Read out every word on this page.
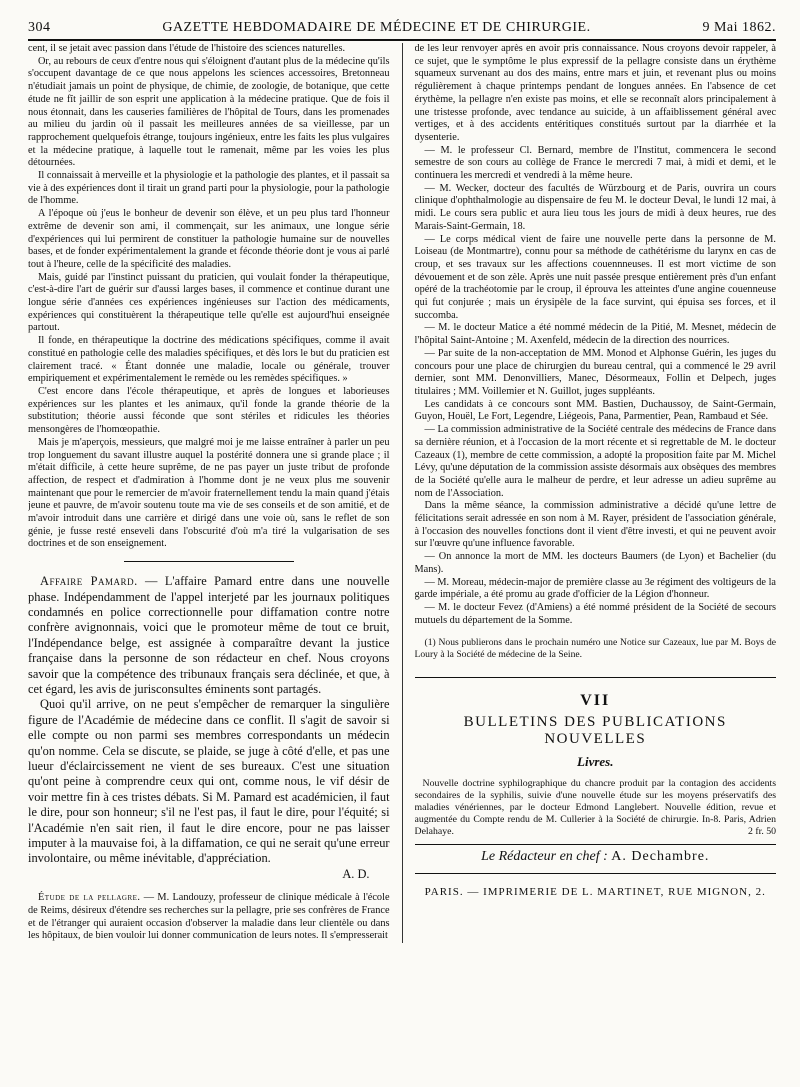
304	GAZETTE HEBDOMADAIRE DE MÉDECINE ET DE CHIRURGIE.	9 Mai 1862.

cent, il se jetait avec passion dans l'étude de l'histoire des sciences naturelles.

Or, au rebours de ceux d'entre nous qui s'éloignent d'autant plus de la médecine qu'ils s'occupent davantage de ce que nous appelons les sciences accessoires, Bretonneau n'étudiait jamais un point de physique, de chimie, de zoologie, de botanique, que cette étude ne fît jaillir de son esprit une application à la médecine pratique. Que de fois il nous étonnait, dans les causeries familières de l'hôpital de Tours, dans les promenades au milieu du jardin où il passait les meilleures années de sa vieillesse, par un rapprochement quelquefois étrange, toujours ingénieux, entre les faits les plus vulgaires et la médecine pratique, à laquelle tout le ramenait, même par les voies les plus détournées.

Il connaissait à merveille et la physiologie et la pathologie des plantes, et il passait sa vie à des expériences dont il tirait un grand parti pour la physiologie, pour la pathologie de l'homme.

A l'époque où j'eus le bonheur de devenir son élève, et un peu plus tard l'honneur extrême de devenir son ami, il commençait, sur les animaux, une longue série d'expériences qui lui permirent de constituer la pathologie humaine sur de nouvelles bases, et de fonder expérimentalement la grande et féconde théorie dont je vous ai parlé tout à l'heure, celle de la spécificité des maladies.

Mais, guidé par l'instinct puissant du praticien, qui voulait fonder la thérapeutique, c'est-à-dire l'art de guérir sur d'aussi larges bases, il commence et continue durant une longue série d'années ces expériences ingénieuses sur l'action des médicaments, expériences qui constituèrent la thérapeutique telle qu'elle est aujourd'hui enseignée partout.

Il fonde, en thérapeutique la doctrine des médications spécifiques, comme il avait constitué en pathologie celle des maladies spécifiques, et dès lors le but du praticien est clairement tracé. « Étant donnée une maladie, locale ou générale, trouver empiriquement et expérimentalement le remède ou les remèdes spécifiques. »

C'est encore dans l'école thérapeutique, et après de longues et laborieuses expériences sur les plantes et les animaux, qu'il fonde la grande théorie de la substitution; théorie aussi féconde que sont stériles et ridicules les théories mensongères de l'homœopathie.

Mais je m'aperçois, messieurs, que malgré moi je me laisse entraîner à parler un peu trop longuement du savant illustre auquel la postérité donnera une si grande place ; il m'était difficile, à cette heure suprême, de ne pas payer un juste tribut de profonde affection, de respect et d'admiration à l'homme dont je ne veux plus me souvenir maintenant que pour le remercier de m'avoir fraternellement tendu la main quand j'étais jeune et pauvre, de m'avoir soutenu toute ma vie de ses conseils et de son amitié, et de m'avoir introduit dans une carrière et dirigé dans une voie où, sans le reflet de son génie, je fusse resté enseveli dans l'obscurité d'où m'a tiré la vulgarisation de ses doctrines et de son enseignement.

Affaire Pamard. — L'affaire Pamard entre dans une nouvelle phase. Indépendamment de l'appel interjeté par les journaux politiques condamnés en police correctionnelle pour diffamation contre notre confrère avignonnais, voici que le promoteur même de tout ce bruit, l'Indépendance belge, est assignée à comparaître devant la justice française dans la personne de son rédacteur en chef. Nous croyons savoir que la compétence des tribunaux français sera déclinée, et que, à cet égard, les avis de jurisconsultes éminents sont partagés.

Quoi qu'il arrive, on ne peut s'empêcher de remarquer la singulière figure de l'Académie de médecine dans ce conflit. Il s'agit de savoir si elle compte ou non parmi ses membres correspondants un médecin qu'on nomme. Cela se discute, se plaide, se juge à côté d'elle, et pas une lueur d'éclaircissement ne vient de ses bureaux. C'est une situation qu'ont peine à comprendre ceux qui ont, comme nous, le vif désir de voir mettre fin à ces tristes débats. Si M. Pamard est académicien, il faut le dire, pour son honneur; s'il ne l'est pas, il faut le dire, pour l'équité; si l'Académie n'en sait rien, il faut le dire encore, pour ne pas laisser imputer à la mauvaise foi, à la diffamation, ce qui ne serait qu'une erreur involontaire, ou même inévitable, d'appréciation.

A. D.

Étude de la pellagre. — M. Landouzy, professeur de clinique médicale à l'école de Reims, désireux d'étendre ses recherches sur la pellagre, prie ses confrères de France et de l'étranger qui auraient occasion d'observer la maladie dans leur clientèle ou dans les hôpitaux, de bien vouloir lui donner communication de leurs notes. Il s'empresserait

de les leur renvoyer après en avoir pris connaissance. Nous croyons devoir rappeler, à ce sujet, que le symptôme le plus expressif de la pellagre consiste dans un érythème squameux survenant au dos des mains, entre mars et juin, et revenant plus ou moins régulièrement à chaque printemps pendant de longues années. En l'absence de cet érythème, la pellagre n'en existe pas moins, et elle se reconnaît alors principalement à une tristesse profonde, avec tendance au suicide, à un affaiblissement général avec vertiges, et à des accidents entéritiques constitués surtout par la diarrhée et la dysenterie.

— M. le professeur Cl. Bernard, membre de l'Institut, commencera le second semestre de son cours au collège de France le mercredi 7 mai, à midi et demi, et le continuera les mercredi et vendredi à la même heure.

— M. Wecker, docteur des facultés de Würzbourg et de Paris, ouvrira un cours clinique d'ophthalmologie au dispensaire de feu M. le docteur Deval, le lundi 12 mai, à midi. Le cours sera public et aura lieu tous les jours de midi à deux heures, rue des Marais-Saint-Germain, 18.

— Le corps médical vient de faire une nouvelle perte dans la personne de M. Loiseau (de Montmartre), connu pour sa méthode de cathétérisme du larynx en cas de croup, et ses travaux sur les affections couennneuses. Il est mort victime de son dévouement et de son zèle. Après une nuit passée presque entièrement près d'un enfant opéré de la trachéotomie par le croup, il éprouva les atteintes d'une angine couenneuse qui fut conjurée ; mais un érysipèle de la face survint, qui épuisa ses forces, et il succomba.

— M. le docteur Matice a été nommé médecin de la Pitié, M. Mesnet, médecin de l'hôpital Saint-Antoine ; M. Axenfeld, médecin de la direction des nourrices.

— Par suite de la non-acceptation de MM. Monod et Alphonse Guérin, les juges du concours pour une place de chirurgien du bureau central, qui a commencé le 29 avril dernier, sont MM. Denonvilliers, Manec, Désormeaux, Follin et Delpech, juges titulaires ; MM. Voillemier et N. Guillot, juges suppléants.

Les candidats à ce concours sont MM. Bastien, Duchaussoy, de Saint-Germain, Guyon, Houël, Le Fort, Legendre, Liégeois, Pana, Parmentier, Pean, Rambaud et Sée.

— La commission administrative de la Société centrale des médecins de France dans sa dernière réunion, et à l'occasion de la mort récente et si regrettable de M. le docteur Cazeaux (1), membre de cette commission, a adopté la proposition faite par M. Michel Lévy, qu'une députation de la commission assiste désormais aux obsèques des membres de la Société qu'elle aura le malheur de perdre, et leur adresse un adieu suprême au nom de l'Association.

Dans la même séance, la commission administrative a décidé qu'une lettre de félicitations serait adressée en son nom à M. Rayer, président de l'association générale, à l'occasion des nouvelles fonctions dont il vient d'être investi, et qui ne peuvent avoir sur l'œuvre qu'une influence favorable.

— On annonce la mort de MM. les docteurs Baumers (de Lyon) et Bachelier (du Mans).

— M. Moreau, médecin-major de première classe au 3e régiment des voltigeurs de la garde impériale, a été promu au grade d'officier de la Légion d'honneur.

— M. le docteur Fevez (d'Amiens) a été nommé président de la Société de secours mutuels du département de la Somme.

(1) Nous publierons dans le prochain numéro une Notice sur Cazeaux, lue par M. Boys de Loury à la Société de médecine de la Seine.

VII
BULLETINS DES PUBLICATIONS NOUVELLES
Livres.

Nouvelle doctrine syphilographique du chancre produit par la contagion des accidents secondaires de la syphilis, suivie d'une nouvelle étude sur les moyens préservatifs des maladies vénériennes, par le docteur Edmond Langlebert. Nouvelle édition, revue et augmentée du Compte rendu de M. Cullerier à la Société de chirurgie. In-8. Paris, Adrien Delahaye.	2 fr. 50

Le Rédacteur en chef : A. Dechambre.
PARIS. — IMPRIMERIE DE L. MARTINET, RUE MIGNON, 2.
